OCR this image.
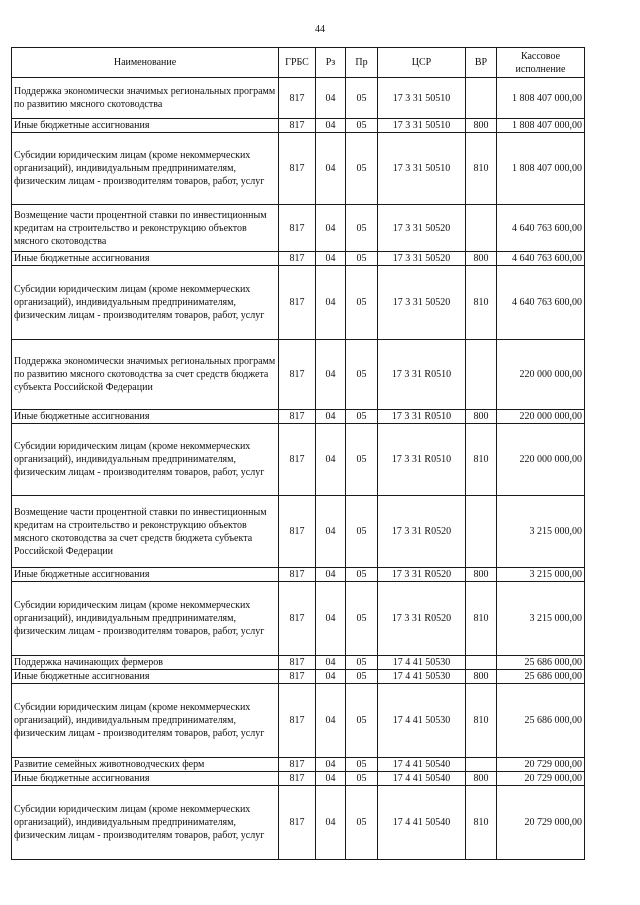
44
Наименование	ГРБС	Рз	Пр	ЦСР	ВР	Кассовое исполнение
Поддержка экономически значимых региональных программ по развитию мясного скотоводства	817	04	05	17 3 31 50510		1 808 407 000,00
Иные бюджетные ассигнования	817	04	05	17 3 31 50510	800	1 808 407 000,00
Субсидии юридическим лицам (кроме некоммерческих организаций), индивидуальным предпринимателям, физическим лицам - производителям товаров, работ, услуг	817	04	05	17 3 31 50510	810	1 808 407 000,00
Возмещение части процентной ставки по инвестиционным кредитам на строительство и реконструкцию объектов мясного скотоводства	817	04	05	17 3 31 50520		4 640 763 600,00
Иные бюджетные ассигнования	817	04	05	17 3 31 50520	800	4 640 763 600,00
Субсидии юридическим лицам (кроме некоммерческих организаций), индивидуальным предпринимателям, физическим лицам - производителям товаров, работ, услуг	817	04	05	17 3 31 50520	810	4 640 763 600,00
Поддержка экономически значимых региональных программ по развитию мясного скотоводства за счет средств бюджета субъекта Российской Федерации	817	04	05	17 3 31 R0510		220 000 000,00
Иные бюджетные ассигнования	817	04	05	17 3 31 R0510	800	220 000 000,00
Субсидии юридическим лицам (кроме некоммерческих организаций), индивидуальным предпринимателям, физическим лицам - производителям товаров, работ, услуг	817	04	05	17 3 31 R0510	810	220 000 000,00
Возмещение части процентной ставки по инвестиционным кредитам на строительство и реконструкцию объектов мясного скотоводства за счет средств бюджета субъекта Российской Федерации	817	04	05	17 3 31 R0520		3 215 000,00
Иные бюджетные ассигнования	817	04	05	17 3 31 R0520	800	3 215 000,00
Субсидии юридическим лицам (кроме некоммерческих организаций), индивидуальным предпринимателям, физическим лицам - производителям товаров, работ, услуг	817	04	05	17 3 31 R0520	810	3 215 000,00
Поддержка начинающих фермеров	817	04	05	17 4 41 50530		25 686 000,00
Иные бюджетные ассигнования	817	04	05	17 4 41 50530	800	25 686 000,00
Субсидии юридическим лицам (кроме некоммерческих организаций), индивидуальным предпринимателям, физическим лицам - производителям товаров, работ, услуг	817	04	05	17 4 41 50530	810	25 686 000,00
Развитие семейных животноводческих ферм	817	04	05	17 4 41 50540		20 729 000,00
Иные бюджетные ассигнования	817	04	05	17 4 41 50540	800	20 729 000,00
Субсидии юридическим лицам (кроме некоммерческих организаций), индивидуальным предпринимателям, физическим лицам - производителям товаров, работ, услуг	817	04	05	17 4 41 50540	810	20 729 000,00
